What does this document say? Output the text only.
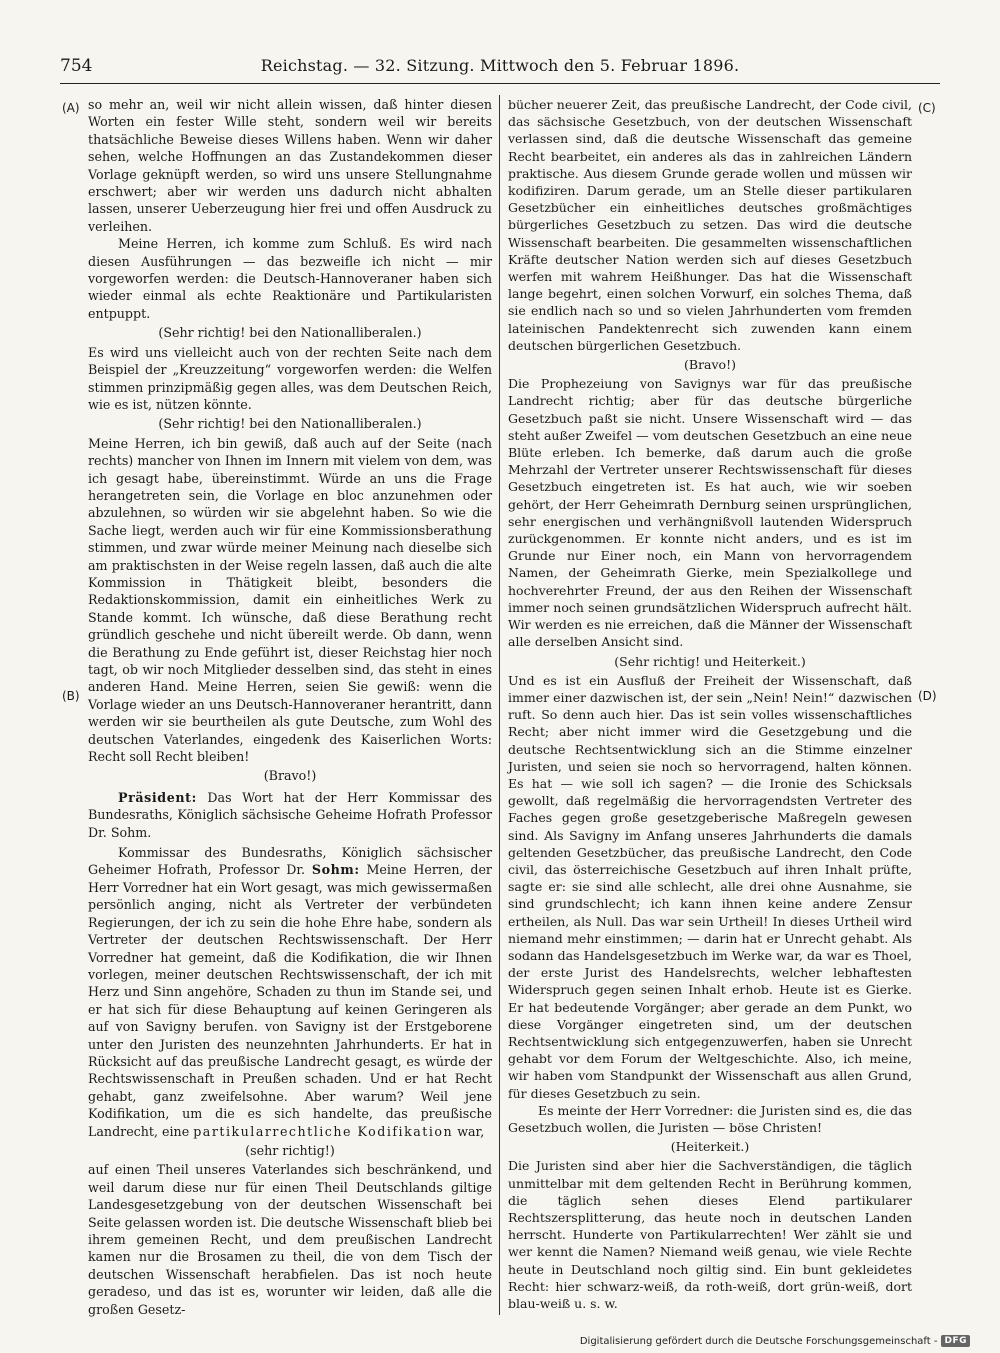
754	Reichstag. — 32. Sitzung. Mittwoch den 5. Februar 1896.
(A)
(B)
(C)
(D)

so mehr an, weil wir nicht allein wissen, daß hinter diesen Worten ein fester Wille steht, sondern weil wir bereits thatsächliche Beweise dieses Willens haben. Wenn wir daher sehen, welche Hoffnungen an das Zustandekommen dieser Vorlage geknüpft werden, so wird uns unsere Stellungnahme erschwert; aber wir werden uns dadurch nicht abhalten lassen, unserer Ueberzeugung hier frei und offen Ausdruck zu verleihen.

Meine Herren, ich komme zum Schluß. Es wird nach diesen Ausführungen — das bezweifle ich nicht — mir vorgeworfen werden: die Deutsch-Hannoveraner haben sich wieder einmal als echte Reaktionäre und Partikularisten entpuppt.

(Sehr richtig! bei den Nationalliberalen.)

Es wird uns vielleicht auch von der rechten Seite nach dem Beispiel der „Kreuzzeitung“ vorgeworfen werden: die Welfen stimmen prinzipmäßig gegen alles, was dem Deutschen Reich, wie es ist, nützen könnte.

(Sehr richtig! bei den Nationalliberalen.)

Meine Herren, ich bin gewiß, daß auch auf der Seite (nach rechts) mancher von Ihnen im Innern mit vielem von dem, was ich gesagt habe, übereinstimmt. Würde an uns die Frage herangetreten sein, die Vorlage en bloc anzunehmen oder abzulehnen, so würden wir sie abgelehnt haben. So wie die Sache liegt, werden auch wir für eine Kommissionsberathung stimmen, und zwar würde meiner Meinung nach dieselbe sich am praktischsten in der Weise regeln lassen, daß auch die alte Kommission in Thätigkeit bleibt, besonders die Redaktionskommission, damit ein einheitliches Werk zu Stande kommt. Ich wünsche, daß diese Berathung recht gründlich geschehe und nicht übereilt werde. Ob dann, wenn die Berathung zu Ende geführt ist, dieser Reichstag hier noch tagt, ob wir noch Mitglieder desselben sind, das steht in eines anderen Hand. Meine Herren, seien Sie gewiß: wenn die Vorlage wieder an uns Deutsch-Hannoveraner herantritt, dann werden wir sie beurtheilen als gute Deutsche, zum Wohl des deutschen Vaterlandes, eingedenk des Kaiserlichen Worts: Recht soll Recht bleiben!

(Bravo!)

Präsident: Das Wort hat der Herr Kommissar des Bundesraths, Königlich sächsische Geheime Hofrath Professor Dr. Sohm.

Kommissar des Bundesraths, Königlich sächsischer Geheimer Hofrath, Professor Dr. Sohm: Meine Herren, der Herr Vorredner hat ein Wort gesagt, was mich gewissermaßen persönlich anging, nicht als Vertreter der verbündeten Regierungen, der ich zu sein die hohe Ehre habe, sondern als Vertreter der deutschen Rechtswissenschaft. Der Herr Vorredner hat gemeint, daß die Kodifikation, die wir Ihnen vorlegen, meiner deutschen Rechtswissenschaft, der ich mit Herz und Sinn angehöre, Schaden zu thun im Stande sei, und er hat sich für diese Behauptung auf keinen Geringeren als auf von Savigny berufen. von Savigny ist der Erstgeborene unter den Juristen des neunzehnten Jahrhunderts. Er hat in Rücksicht auf das preußische Landrecht gesagt, es würde der Rechtswissenschaft in Preußen schaden. Und er hat Recht gehabt, ganz zweifelsohne. Aber warum? Weil jene Kodifikation, um die es sich handelte, das preußische Landrecht, eine partikularrechtliche Kodifikation war,

(sehr richtig!)

auf einen Theil unseres Vaterlandes sich beschränkend, und weil darum diese nur für einen Theil Deutschlands giltige Landesgesetzgebung von der deutschen Wissenschaft bei Seite gelassen worden ist. Die deutsche Wissenschaft blieb bei ihrem gemeinen Recht, und dem preußischen Landrecht kamen nur die Brosamen zu theil, die von dem Tisch der deutschen Wissenschaft herabfielen. Das ist noch heute geradeso, und das ist es, worunter wir leiden, daß alle die großen Gesetz-

bücher neuerer Zeit, das preußische Landrecht, der Code civil, das sächsische Gesetzbuch, von der deutschen Wissenschaft verlassen sind, daß die deutsche Wissenschaft das gemeine Recht bearbeitet, ein anderes als das in zahlreichen Ländern praktische. Aus diesem Grunde gerade wollen und müssen wir kodifiziren. Darum gerade, um an Stelle dieser partikularen Gesetzbücher ein einheitliches deutsches großmächtiges bürgerliches Gesetzbuch zu setzen. Das wird die deutsche Wissenschaft bearbeiten. Die gesammelten wissenschaftlichen Kräfte deutscher Nation werden sich auf dieses Gesetzbuch werfen mit wahrem Heißhunger. Das hat die Wissenschaft lange begehrt, einen solchen Vorwurf, ein solches Thema, daß sie endlich nach so und so vielen Jahrhunderten vom fremden lateinischen Pandektenrecht sich zuwenden kann einem deutschen bürgerlichen Gesetzbuch.

(Bravo!)

Die Prophezeiung von Savignys war für das preußische Landrecht richtig; aber für das deutsche bürgerliche Gesetzbuch paßt sie nicht. Unsere Wissenschaft wird — das steht außer Zweifel — vom deutschen Gesetzbuch an eine neue Blüte erleben. Ich bemerke, daß darum auch die große Mehrzahl der Vertreter unserer Rechtswissenschaft für dieses Gesetzbuch eingetreten ist. Es hat auch, wie wir soeben gehört, der Herr Geheimrath Dernburg seinen ursprünglichen, sehr energischen und verhängnißvoll lautenden Widerspruch zurückgenommen. Er konnte nicht anders, und es ist im Grunde nur Einer noch, ein Mann von hervorragendem Namen, der Geheimrath Gierke, mein Spezialkollege und hochverehrter Freund, der aus den Reihen der Wissenschaft immer noch seinen grundsätzlichen Widerspruch aufrecht hält. Wir werden es nie erreichen, daß die Männer der Wissenschaft alle derselben Ansicht sind.

(Sehr richtig! und Heiterkeit.)

Und es ist ein Ausfluß der Freiheit der Wissenschaft, daß immer einer dazwischen ist, der sein „Nein! Nein!“ dazwischen ruft. So denn auch hier. Das ist sein volles wissenschaftliches Recht; aber nicht immer wird die Gesetzgebung und die deutsche Rechtsentwicklung sich an die Stimme einzelner Juristen, und seien sie noch so hervorragend, halten können. Es hat — wie soll ich sagen? — die Ironie des Schicksals gewollt, daß regelmäßig die hervorragendsten Vertreter des Faches gegen große gesetzgeberische Maßregeln gewesen sind. Als Savigny im Anfang unseres Jahrhunderts die damals geltenden Gesetzbücher, das preußische Landrecht, den Code civil, das österreichische Gesetzbuch auf ihren Inhalt prüfte, sagte er: sie sind alle schlecht, alle drei ohne Ausnahme, sie sind grundschlecht; ich kann ihnen keine andere Zensur ertheilen, als Null. Das war sein Urtheil! In dieses Urtheil wird niemand mehr einstimmen; — darin hat er Unrecht gehabt. Als sodann das Handelsgesetzbuch im Werke war, da war es Thoel, der erste Jurist des Handelsrechts, welcher lebhaftesten Widerspruch gegen seinen Inhalt erhob. Heute ist es Gierke. Er hat bedeutende Vorgänger; aber gerade an dem Punkt, wo diese Vorgänger eingetreten sind, um der deutschen Rechtsentwicklung sich entgegenzuwerfen, haben sie Unrecht gehabt vor dem Forum der Weltgeschichte. Also, ich meine, wir haben vom Standpunkt der Wissenschaft aus allen Grund, für dieses Gesetzbuch zu sein.

Es meinte der Herr Vorredner: die Juristen sind es, die das Gesetzbuch wollen, die Juristen — böse Christen!

(Heiterkeit.)

Die Juristen sind aber hier die Sachverständigen, die täglich unmittelbar mit dem geltenden Recht in Berührung kommen, die täglich sehen dieses Elend partikularer Rechtszersplitterung, das heute noch in deutschen Landen herrscht. Hunderte von Partikularrechten! Wer zählt sie und wer kennt die Namen? Niemand weiß genau, wie viele Rechte heute in Deutschland noch giltig sind. Ein bunt gekleidetes Recht: hier schwarz-weiß, da roth-weiß, dort grün-weiß, dort blau-weiß u. s. w.

Digitalisierung gefördert durch die Deutsche Forschungsgemeinschaft - DFG
